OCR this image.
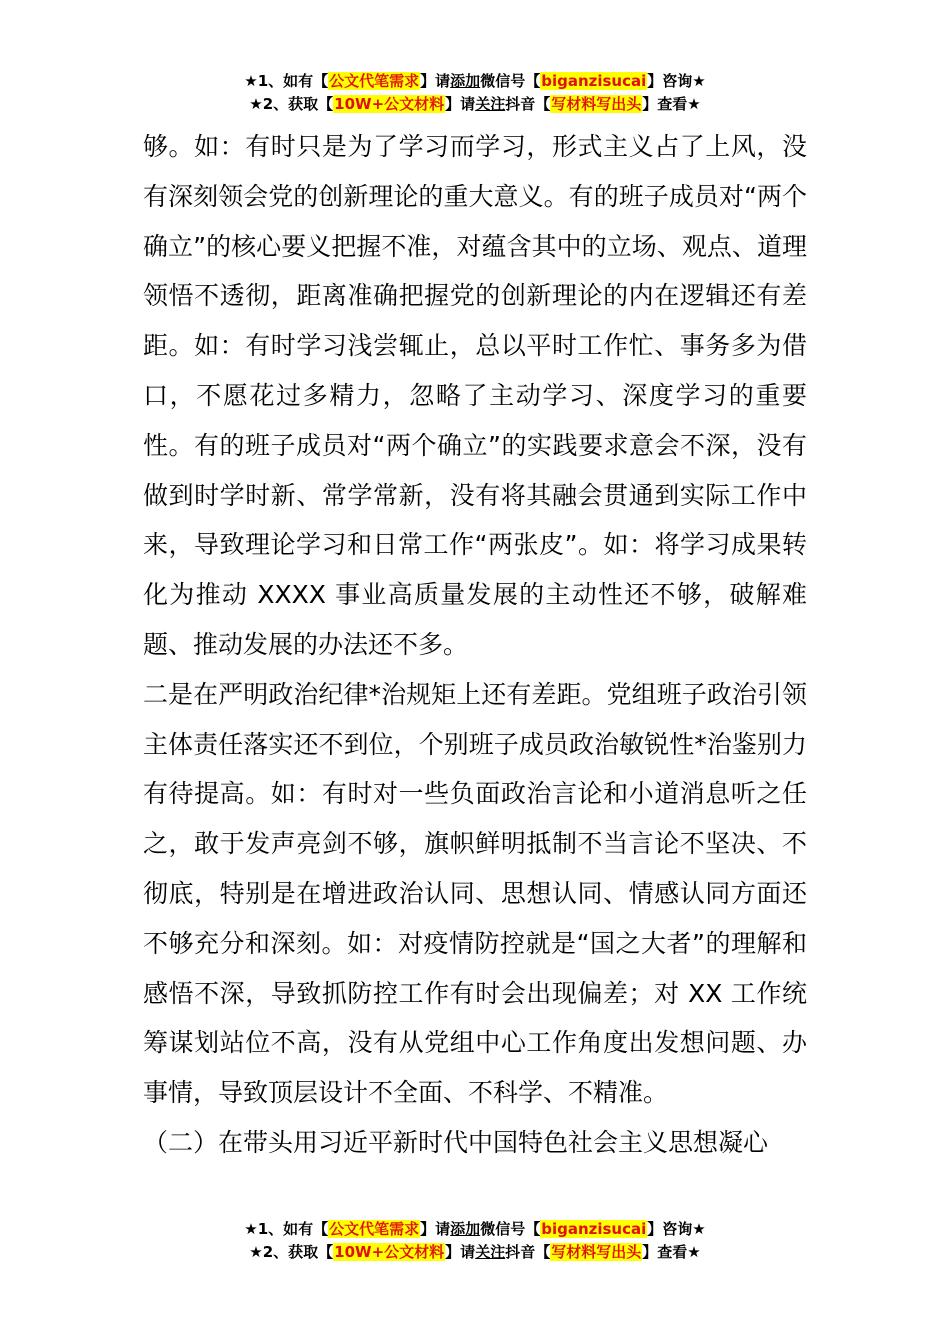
★1、如有【公文代笔需求】请添加微信号【biganzisucai】咨询★
★2、获取【10W+公文材料】请关注抖音【写材料写出头】查看★

够。如：有时只是为了学习而学习，形式主义占了上风，没有深刻领会党的创新理论的重大意义。有的班子成员对“两个确立”的核心要义把握不准，对蕴含其中的立场、观点、道理领悟不透彻，距离准确把握党的创新理论的内在逻辑还有差距。如：有时学习浅尝辄止，总以平时工作忙、事务多为借口，不愿花过多精力，忽略了主动学习、深度学习的重要性。有的班子成员对“两个确立”的实践要求意会不深，没有做到时学时新、常学常新，没有将其融会贯通到实际工作中来，导致理论学习和日常工作“两张皮”。如：将学习成果转化为推动 XXXX 事业高质量发展的主动性还不够，破解难题、推动发展的办法还不多。

二是在严明政治纪律*治规矩上还有差距。党组班子政治引领主体责任落实还不到位，个别班子成员政治敏锐性*治鉴别力有待提高。如：有时对一些负面政治言论和小道消息听之任之，敢于发声亮剑不够，旗帜鲜明抵制不当言论不坚决、不彻底，特别是在增进政治认同、思想认同、情感认同方面还不够充分和深刻。如：对疫情防控就是“国之大者”的理解和感悟不深，导致抓防控工作有时会出现偏差；对 XX 工作统筹谋划站位不高，没有从党组中心工作角度出发想问题、办事情，导致顶层设计不全面、不科学、不精准。

（二）在带头用习近平新时代中国特色社会主义思想凝心

★1、如有【公文代笔需求】请添加微信号【biganzisucai】咨询★
★2、获取【10W+公文材料】请关注抖音【写材料写出头】查看★
